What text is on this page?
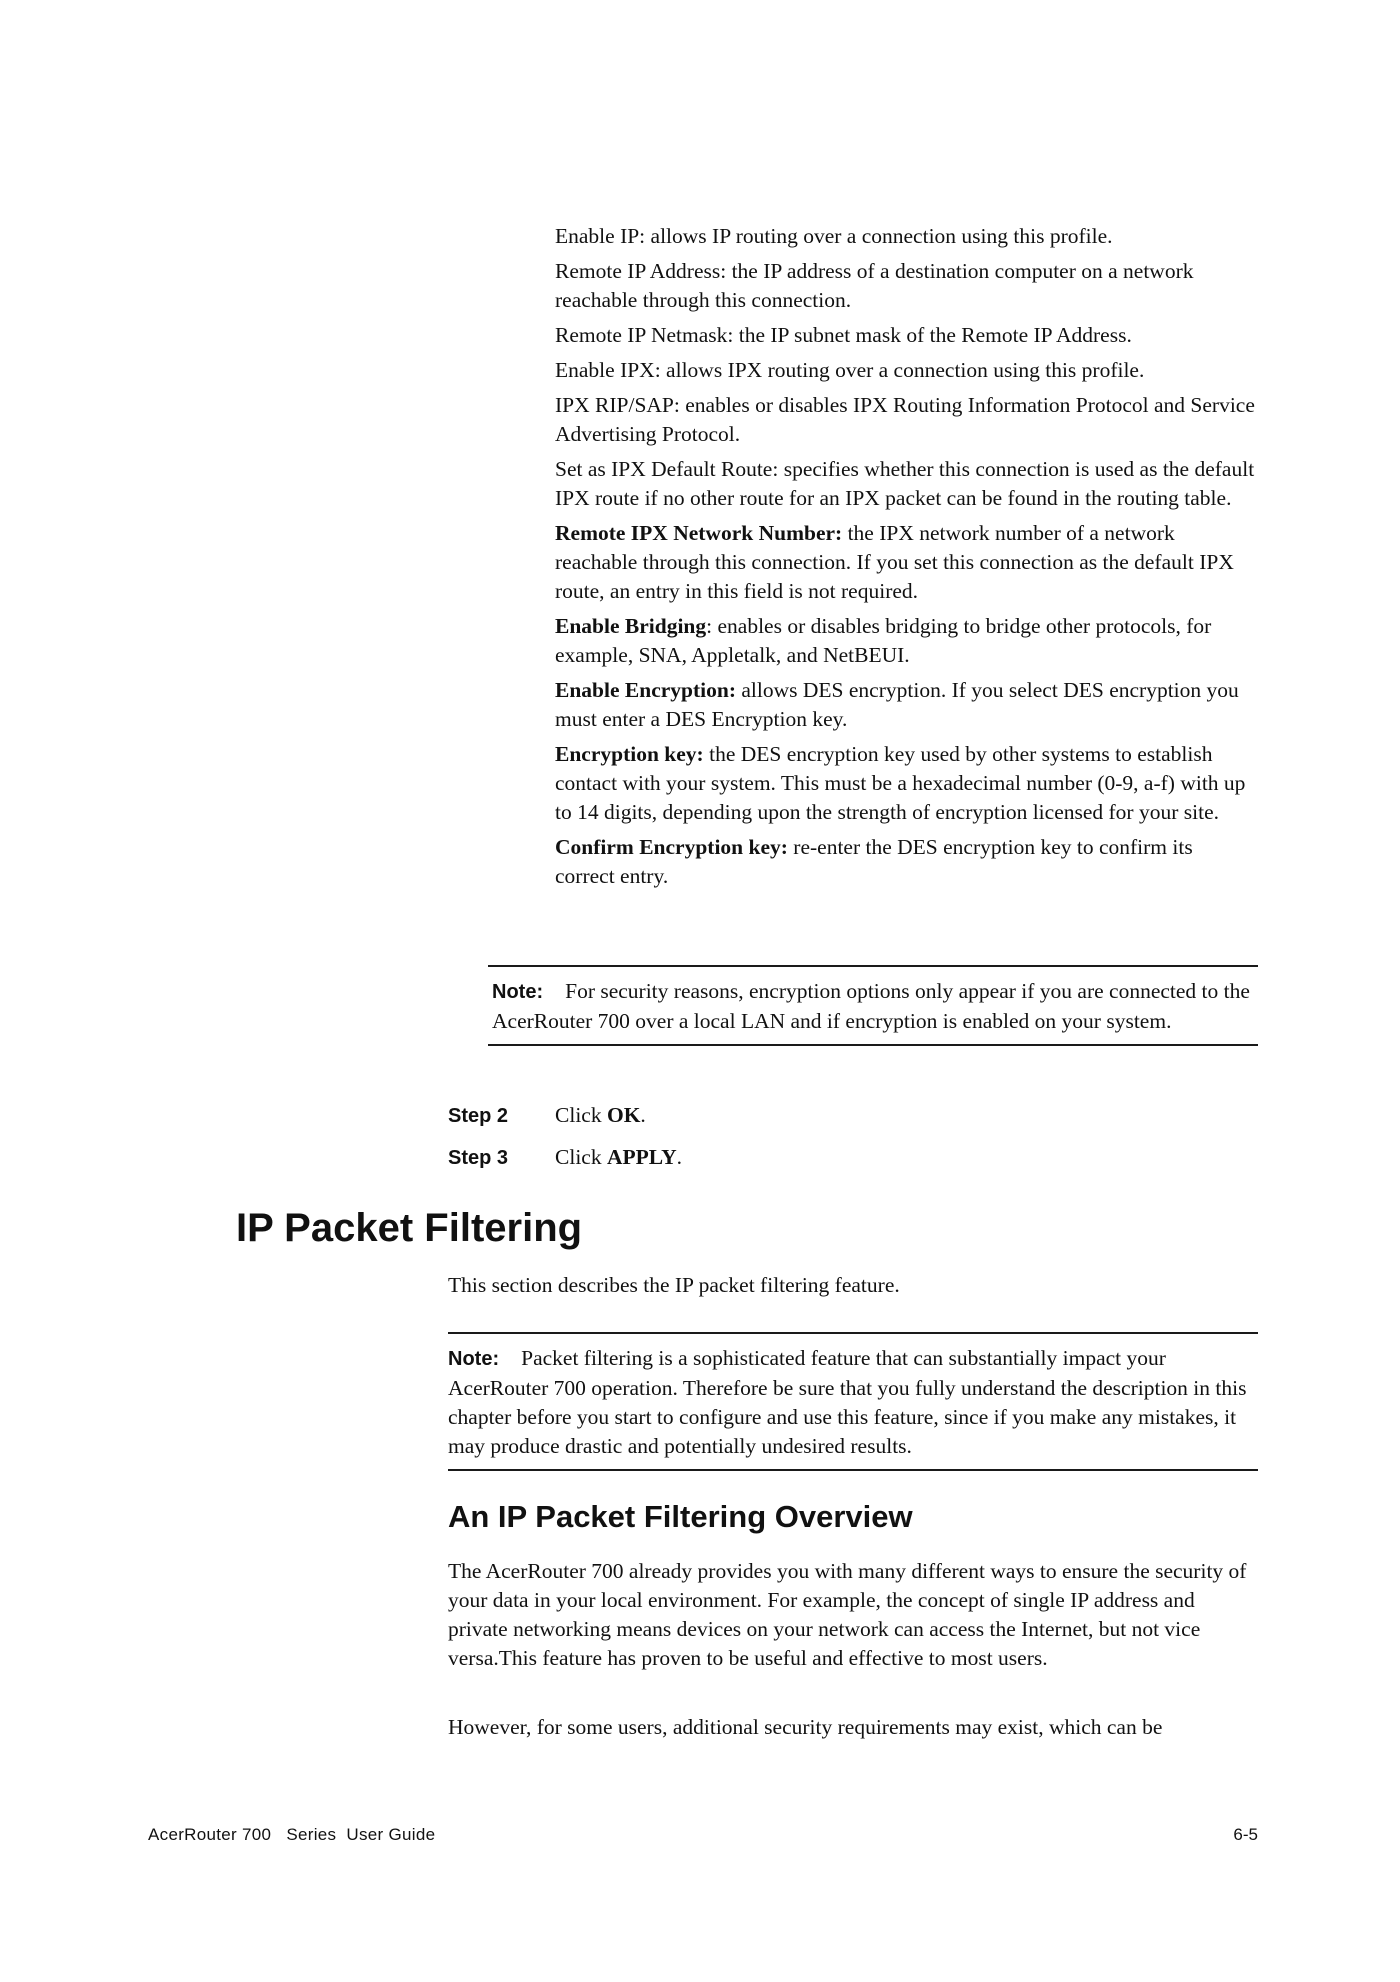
Enable IP: allows IP routing over a connection using this profile.

Remote IP Address: the IP address of a destination computer on a network reachable through this connection.

Remote IP Netmask: the IP subnet mask of the Remote IP Address.

Enable IPX: allows IPX routing over a connection using this profile.

IPX RIP/SAP: enables or disables IPX Routing Information Protocol and Service Advertising Protocol.

Set as IPX Default Route: specifies whether this connection is used as the default IPX route if no other route for an IPX packet can be found in the routing table.

Remote IPX Network Number: the IPX network number of a network reachable through this connection. If you set this connection as the default IPX route, an entry in this field is not required.

Enable Bridging: enables or disables bridging to bridge other protocols, for example, SNA, Appletalk, and NetBEUI.

Enable Encryption: allows DES encryption. If you select DES encryption you must enter a DES Encryption key.

Encryption key: the DES encryption key used by other systems to establish contact with your system. This must be a hexadecimal number (0-9, a-f) with up to 14 digits, depending upon the strength of encryption licensed for your site.

Confirm Encryption key: re-enter the DES encryption key to confirm its correct entry.

Note: For security reasons, encryption options only appear if you are connected to the AcerRouter 700 over a local LAN and if encryption is enabled on your system.
Step 2 Click OK.
Step 3 Click APPLY.
IP Packet Filtering

This section describes the IP packet filtering feature.

Note: Packet filtering is a sophisticated feature that can substantially impact your AcerRouter 700 operation. Therefore be sure that you fully understand the description in this chapter before you start to configure and use this feature, since if you make any mistakes, it may produce drastic and potentially undesired results.
An IP Packet Filtering Overview

The AcerRouter 700 already provides you with many different ways to ensure the security of your data in your local environment. For example, the concept of single IP address and private networking means devices on your network can access the Internet, but not vice versa.This feature has proven to be useful and effective to most users.

However, for some users, additional security requirements may exist, which can be

AcerRouter 700   Series  User Guide	6-5
